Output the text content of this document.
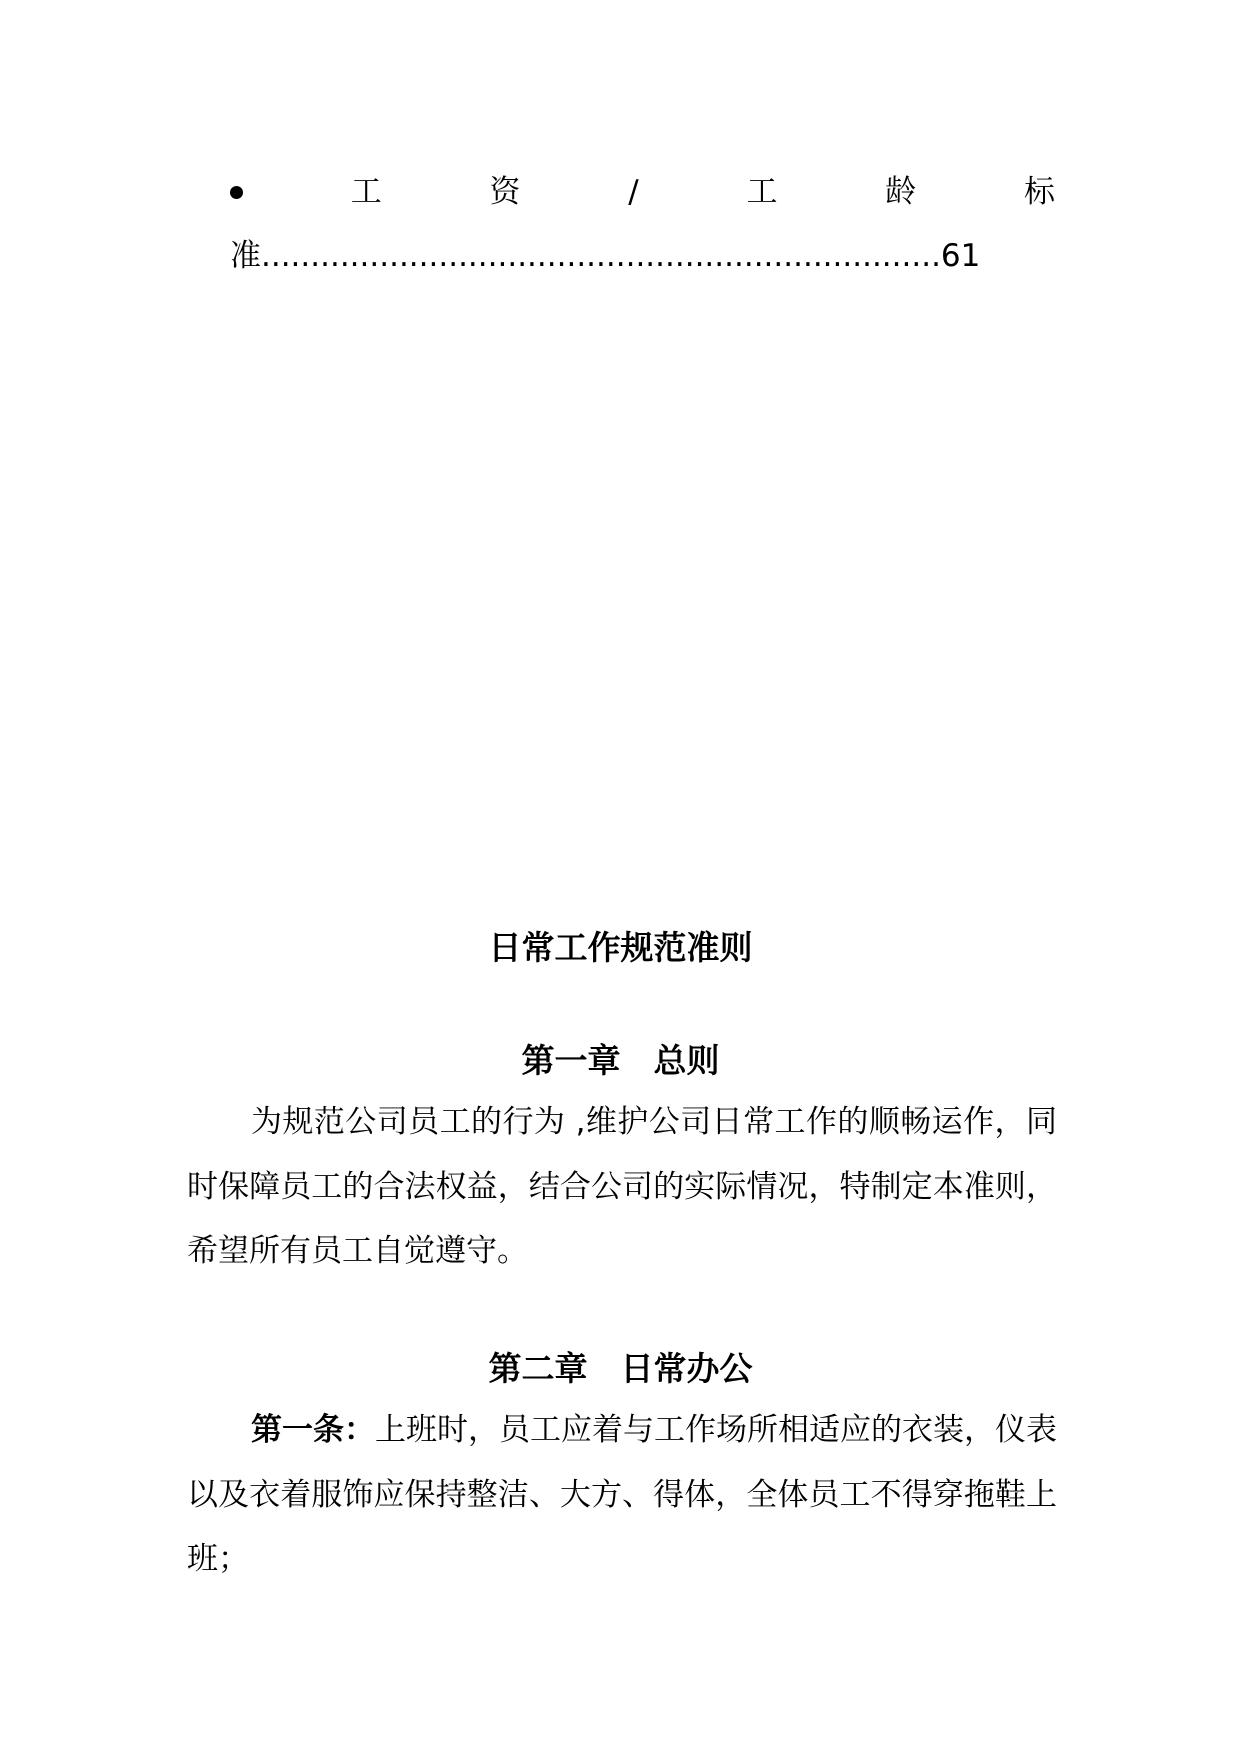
工	资	/	工	龄	标
准.....................................................................61
日常工作规范准则
第一章　总则
为规范公司员工的行为 ,维护公司日常工作的顺畅运作，同时保障员工的合法权益，结合公司的实际情况，特制定本准则，希望所有员工自觉遵守。
第二章　日常办公
第一条：上班时，员工应着与工作场所相适应的衣装，仪表以及衣着服饰应保持整洁、大方、得体，全体员工不得穿拖鞋上班；
